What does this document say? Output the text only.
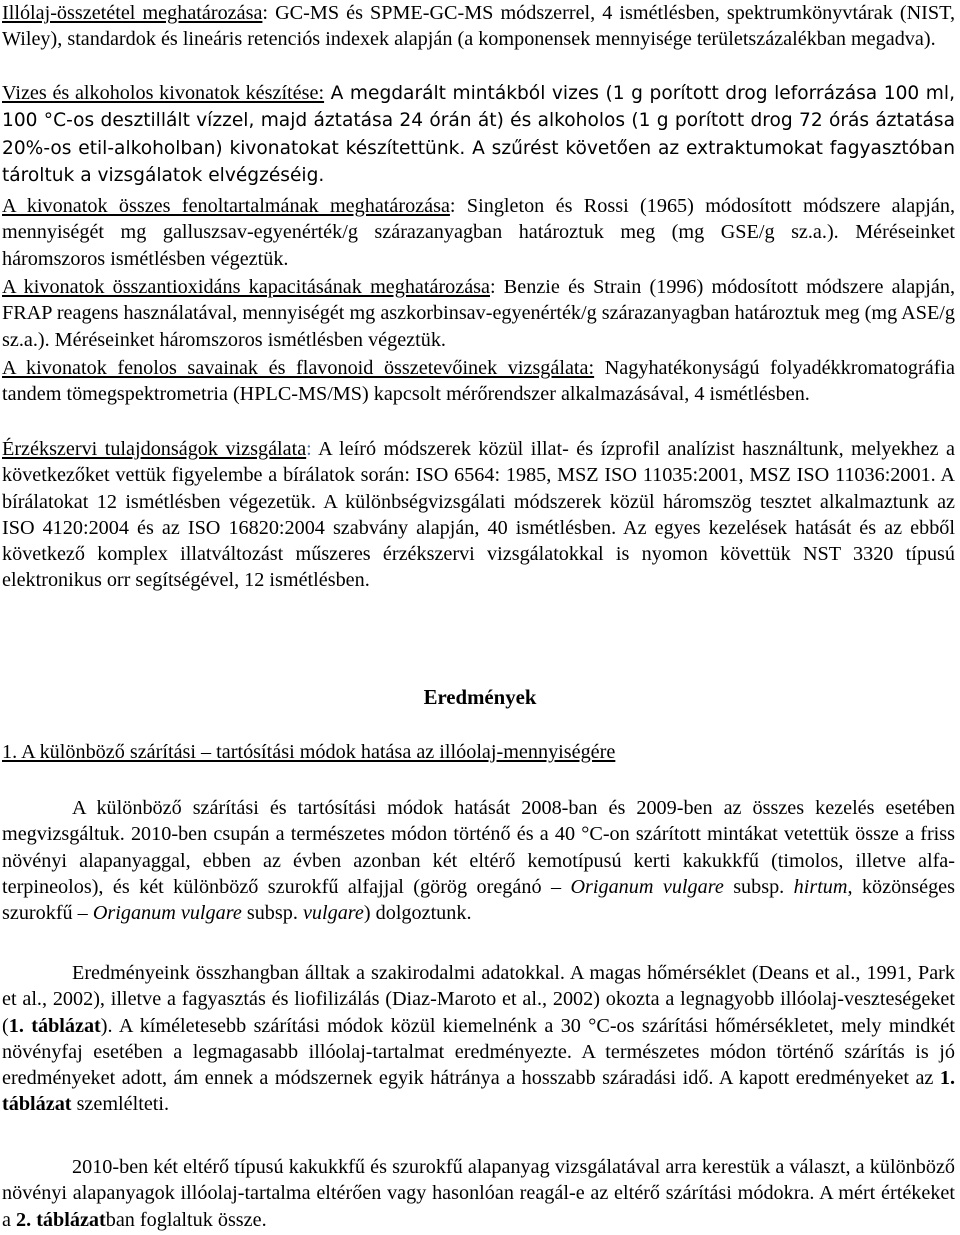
Illólaj-összetétel meghatározása: GC-MS és SPME-GC-MS módszerrel, 4 ismétlésben, spektrumkönyvtárak (NIST, Wiley), standardok és lineáris retenciós indexek alapján (a komponensek mennyisége területszázalékban megadva).

Vizes és alkoholos kivonatok készítése: A megdarált mintákból vizes (1 g porított drog leforrázása 100 ml, 100 °C-os desztillált vízzel, majd áztatása 24 órán át) és alkoholos (1 g porított drog 72 órás áztatása 20%-os etil-alkoholban) kivonatokat készítettünk. A szűrést követően az extraktumokat fagyasztóban tároltuk a vizsgálatok elvégzéséig.

A kivonatok összes fenoltartalmának meghatározása: Singleton és Rossi (1965) módosított módszere alapján, mennyiségét mg galluszsav-egyenérték/g szárazanyagban határoztuk meg (mg GSE/g sz.a.). Méréseinket háromszoros ismétlésben végeztük.

A kivonatok összantioxidáns kapacitásának meghatározása: Benzie és Strain (1996) módosított módszere alapján, FRAP reagens használatával, mennyiségét mg aszkorbinsav-egyenérték/g szárazanyagban határoztuk meg (mg ASE/g sz.a.). Méréseinket háromszoros ismétlésben végeztük.

A kivonatok fenolos savainak és flavonoid összetevőinek vizsgálata: Nagyhatékonyságú folyadékkromatográfia tandem tömegspektrometria (HPLC-MS/MS) kapcsolt mérőrendszer alkalmazásával, 4 ismétlésben.

Érzékszervi tulajdonságok vizsgálata: A leíró módszerek közül illat- és ízprofil analízist használtunk, melyekhez a következőket vettük figyelembe a bírálatok során: ISO 6564: 1985, MSZ ISO 11035:2001, MSZ ISO 11036:2001. A bírálatokat 12 ismétlésben végezetük. A különbségvizsgálati módszerek közül háromszög tesztet alkalmaztunk az ISO 4120:2004 és az ISO 16820:2004 szabvány alapján, 40 ismétlésben. Az egyes kezelések hatását és az ebből következő komplex illatváltozást műszeres érzékszervi vizsgálatokkal is nyomon követtük NST 3320 típusú elektronikus orr segítségével, 12 ismétlésben.

Eredmények

1. A különböző szárítási – tartósítási módok hatása az illóolaj-mennyiségére

A különböző szárítási és tartósítási módok hatását 2008-ban és 2009-ben az összes kezelés esetében megvizsgáltuk. 2010-ben csupán a természetes módon történő és a 40 °C-on szárított mintákat vetettük össze a friss növényi alapanyaggal, ebben az évben azonban két eltérő kemotípusú kerti kakukkfű (timolos, illetve alfa-terpineolos), és két különböző szurokfű alfajjal (görög oregánó – Origanum vulgare subsp. hirtum, közönséges szurokfű – Origanum vulgare subsp. vulgare) dolgoztunk.

Eredményeink összhangban álltak a szakirodalmi adatokkal. A magas hőmérséklet (Deans et al., 1991, Park et al., 2002), illetve a fagyasztás és liofilizálás (Diaz-Maroto et al., 2002) okozta a legnagyobb illóolaj-veszteségeket (1. táblázat). A kíméletesebb szárítási módok közül kiemelnénk a 30 °C-os szárítási hőmérsékletet, mely mindkét növényfaj esetében a legmagasabb illóolaj-tartalmat eredményezte. A természetes módon történő szárítás is jó eredményeket adott, ám ennek a módszernek egyik hátránya a hosszabb száradási idő. A kapott eredményeket az 1. táblázat szemlélteti.

2010-ben két eltérő típusú kakukkfű és szurokfű alapanyag vizsgálatával arra kerestük a választ, a különböző növényi alapanyagok illóolaj-tartalma eltérően vagy hasonlóan reagál-e az eltérő szárítási módokra. A mért értékeket a 2. táblázatban foglaltuk össze.
